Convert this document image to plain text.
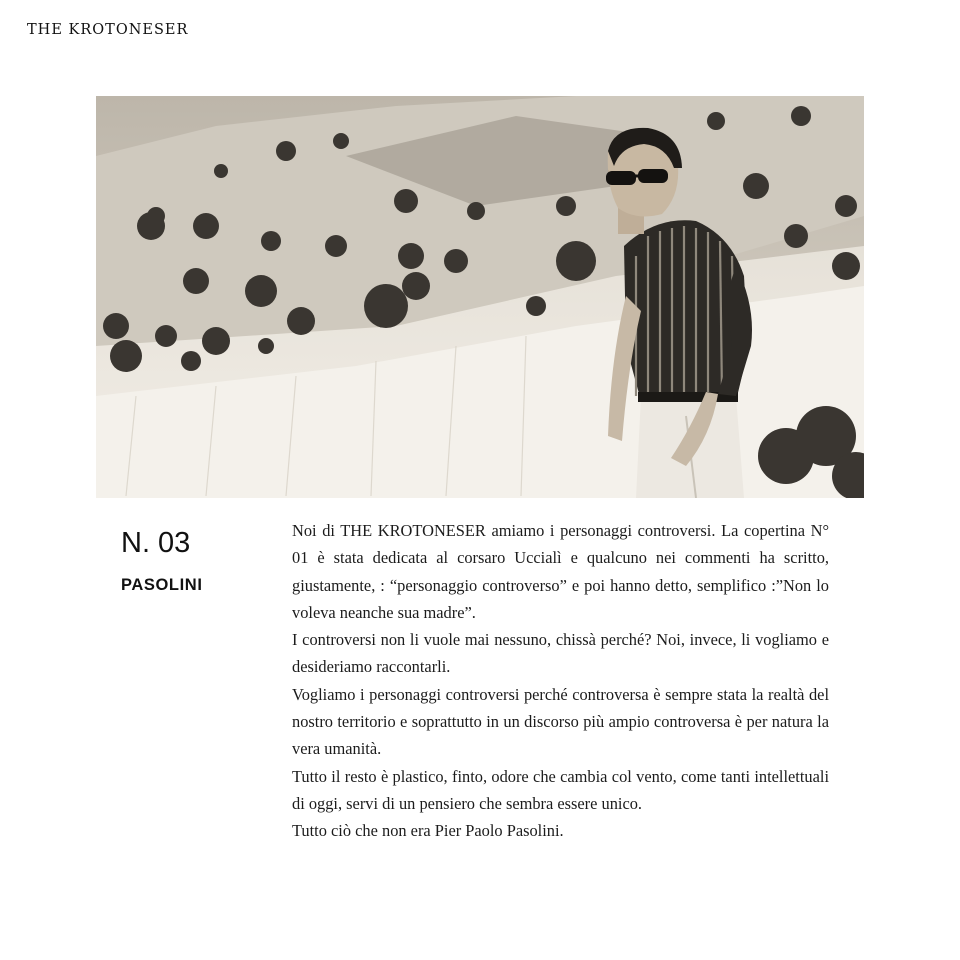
THE KROTONESER
N. 03
PASOLINI

Noi di THE KROTONESER amiamo i personaggi controversi. La copertina N° 01 è stata dedicata al corsaro Uccialì e qualcuno nei commenti ha scritto, giustamente, : “personaggio controverso” e poi hanno detto, semplifico :”Non lo voleva neanche sua madre”.

I controversi non li vuole mai nessuno, chissà perché? Noi, invece, li vogliamo e desideriamo raccontarli.

Vogliamo i personaggi controversi perché controversa è sempre stata la realtà del nostro territorio e soprattutto in un discorso più ampio controversa è per natura la vera umanità.

Tutto il resto è plastico, finto, odore che cambia col vento, come tanti intellettuali di oggi, servi di un pensiero che sembra essere unico.

Tutto ciò che non era Pier Paolo Pasolini.
